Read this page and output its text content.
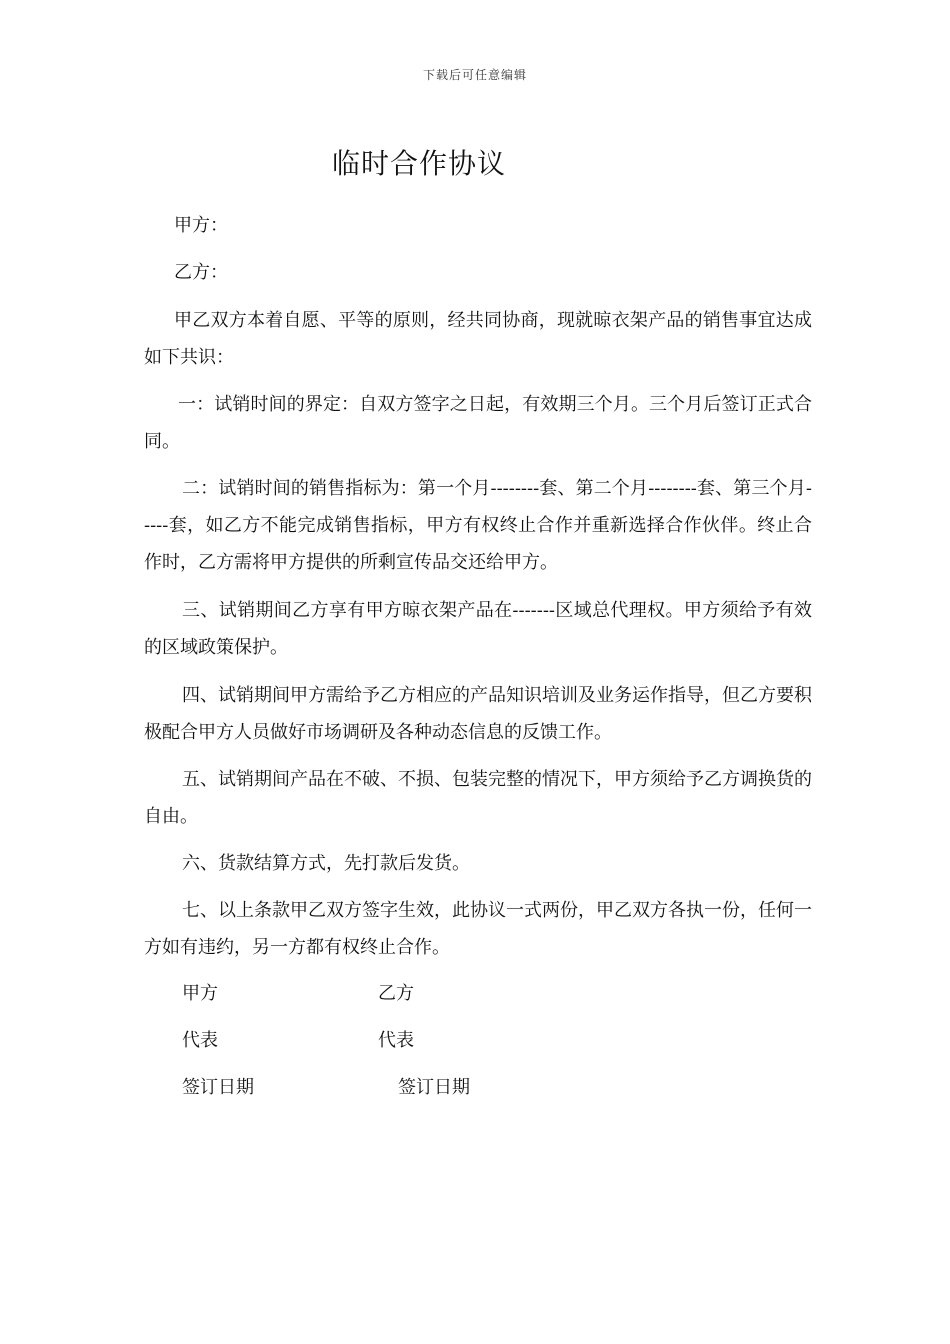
下载后可任意编辑
临时合作协议

甲方：

乙方：

甲乙双方本着自愿、平等的原则，经共同协商，现就晾衣架产品的销售事宜达成如下共识：

一：试销时间的界定：自双方签字之日起，有效期三个月。三个月后签订正式合同。

二：试销时间的销售指标为：第一个月--------套、第二个月--------套、第三个月-----套，如乙方不能完成销售指标，甲方有权终止合作并重新选择合作伙伴。终止合作时，乙方需将甲方提供的所剩宣传品交还给甲方。

三、试销期间乙方享有甲方晾衣架产品在-------区域总代理权。甲方须给予有效的区域政策保护。

四、试销期间甲方需给予乙方相应的产品知识培训及业务运作指导，但乙方要积极配合甲方人员做好市场调研及各种动态信息的反馈工作。

五、试销期间产品在不破、不损、包装完整的情况下，甲方须给予乙方调换货的自由。

六、货款结算方式，先打款后发货。

七、以上条款甲乙双方签字生效，此协议一式两份，甲乙双方各执一份，任何一方如有违约，另一方都有权终止合作。

甲方	乙方

代表	代表

签订日期	签订日期
